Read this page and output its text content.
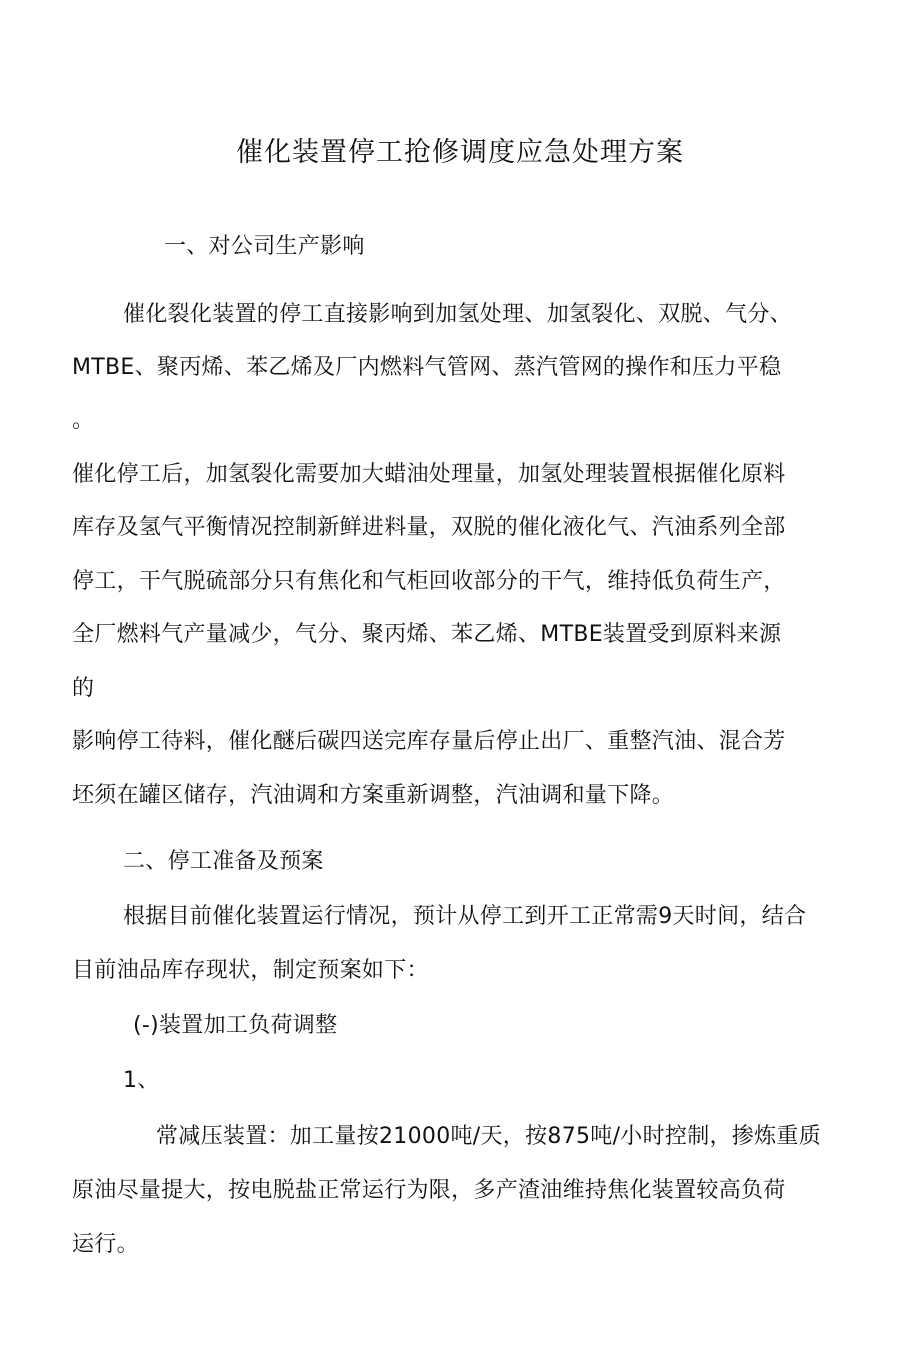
催化装置停工抢修调度应急处理方案
一、对公司生产影响
催化裂化装置的停工直接影响到加氢处理、加氢裂化、双脱、气分、
MTBE、聚丙烯、苯乙烯及厂内燃料气管网、蒸汽管网的操作和压力平稳
。
催化停工后，加氢裂化需要加大蜡油处理量，加氢处理装置根据催化原料
库存及氢气平衡情况控制新鲜进料量，双脱的催化液化气、汽油系列全部
停工，干气脱硫部分只有焦化和气柜回收部分的干气，维持低负荷生产，
全厂燃料气产量减少，气分、聚丙烯、苯乙烯、MTBE装置受到原料来源
的
影响停工待料，催化醚后碳四送完库存量后停止出厂、重整汽油、混合芳
坯须在罐区储存，汽油调和方案重新调整，汽油调和量下降。
二、停工准备及预案
根据目前催化装置运行情况，预计从停工到开工正常需9天时间，结合
目前油品库存现状，制定预案如下：
(-)装置加工负荷调整
1、
常减压装置：加工量按21000吨/天，按875吨/小时控制，掺炼重质
原油尽量提大，按电脱盐正常运行为限，多产渣油维持焦化装置较高负荷
运行。
